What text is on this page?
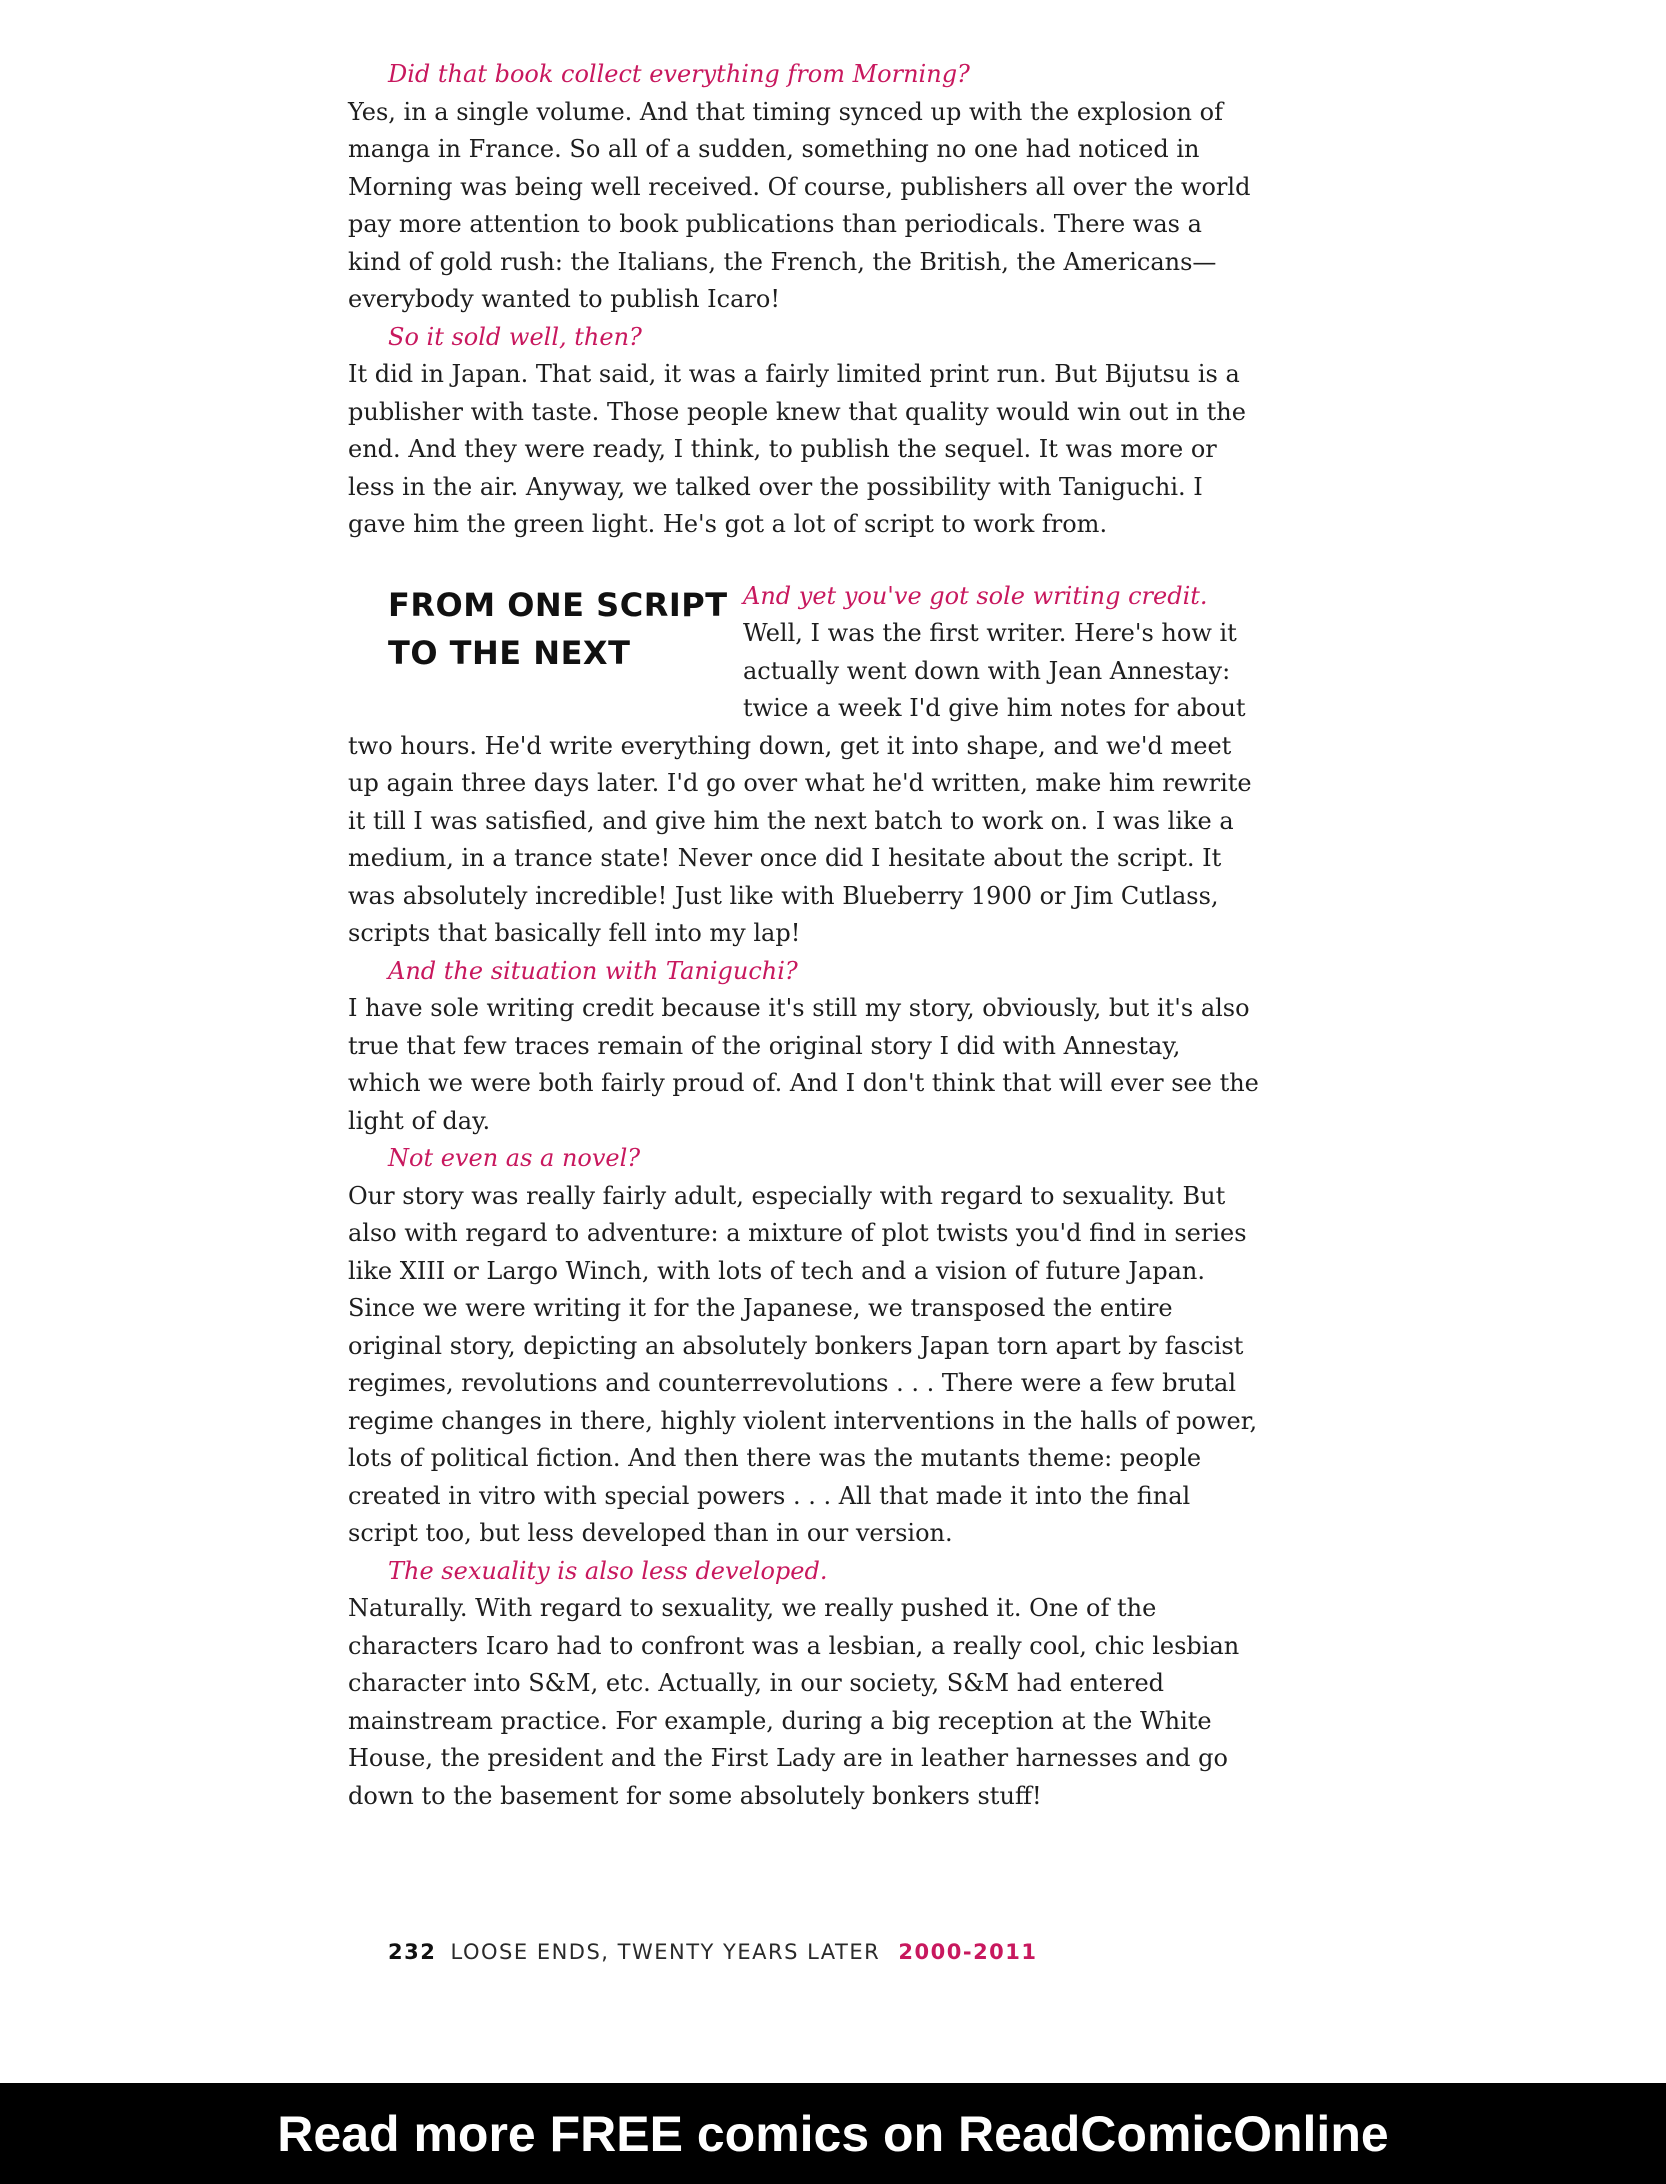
Did that book collect everything from Morning?

Yes, in a single volume. And that timing synced up with the explosion of manga in France. So all of a sudden, something no one had noticed in Morning was being well received. Of course, publishers all over the world pay more attention to book publications than periodicals. There was a kind of gold rush: the Italians, the French, the British, the Americans—everybody wanted to publish Icaro!

So it sold well, then?

It did in Japan. That said, it was a fairly limited print run. But Bijutsu is a publisher with taste. Those people knew that quality would win out in the end. And they were ready, I think, to publish the sequel. It was more or less in the air. Anyway, we talked over the possibility with Taniguchi. I gave him the green light. He's got a lot of script to work from.

FROM ONE SCRIPT
TO THE NEXT
And yet you've got sole writing credit.

Well, I was the first writer. Here's how it actually went down with Jean Annestay: twice a week I'd give him notes for about two hours. He'd write everything down, get it into shape, and we'd meet up again three days later. I'd go over what he'd written, make him rewrite it till I was satisfied, and give him the next batch to work on. I was like a medium, in a trance state! Never once did I hesitate about the script. It was absolutely incredible! Just like with Blueberry 1900 or Jim Cutlass, scripts that basically fell into my lap!

And the situation with Taniguchi?

I have sole writing credit because it's still my story, obviously, but it's also true that few traces remain of the original story I did with Annestay, which we were both fairly proud of. And I don't think that will ever see the light of day.

Not even as a novel?

Our story was really fairly adult, especially with regard to sexuality. But also with regard to adventure: a mixture of plot twists you'd find in series like XIII or Largo Winch, with lots of tech and a vision of future Japan. Since we were writing it for the Japanese, we transposed the entire original story, depicting an absolutely bonkers Japan torn apart by fascist regimes, revolutions and counterrevolutions . . . There were a few brutal regime changes in there, highly violent interventions in the halls of power, lots of political fiction. And then there was the mutants theme: people created in vitro with special powers . . . All that made it into the final script too, but less developed than in our version.

The sexuality is also less developed.

Naturally. With regard to sexuality, we really pushed it. One of the characters Icaro had to confront was a lesbian, a really cool, chic lesbian character into S&M, etc. Actually, in our society, S&M had entered mainstream practice. For example, during a big reception at the White House, the president and the First Lady are in leather harnesses and go down to the basement for some absolutely bonkers stuff!

232 LOOSE ENDS, TWENTY YEARS LATER 2000-2011
Read more FREE comics on ReadComicOnline
